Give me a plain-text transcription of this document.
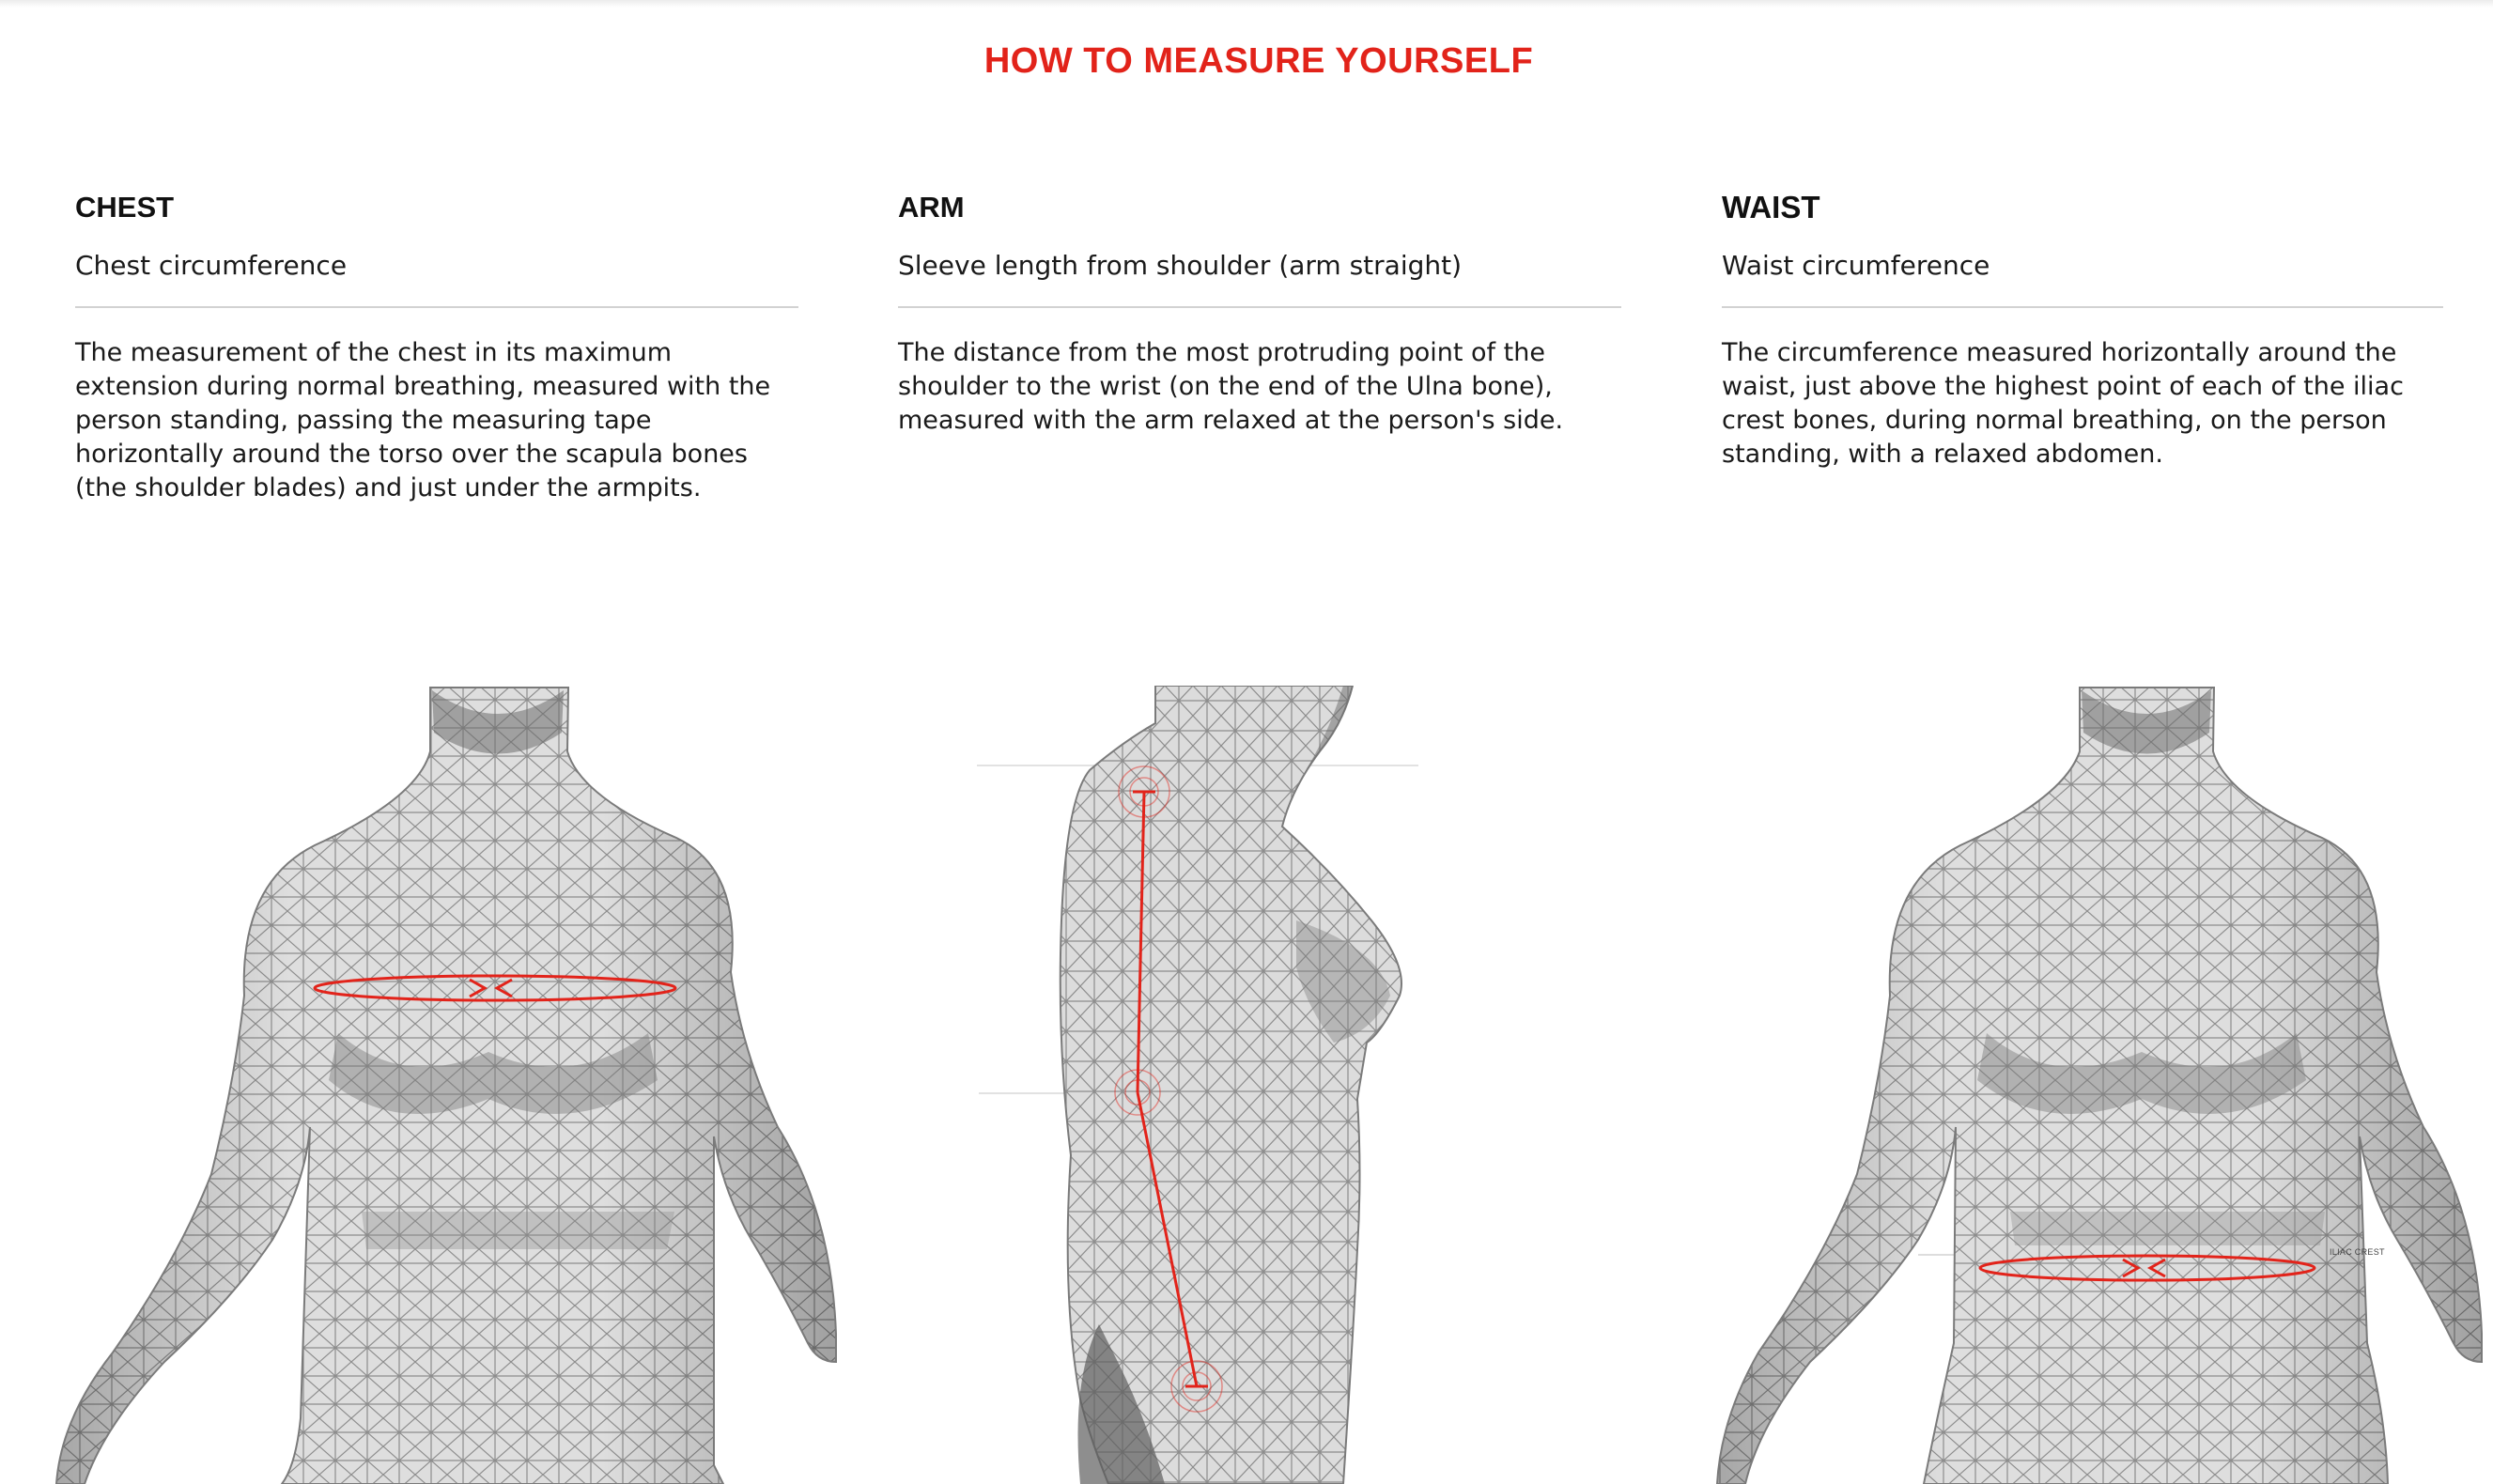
HOW TO MEASURE YOURSELF
CHEST

Chest circumference

The measurement of the chest in its maximum extension during normal breathing, measured with the person standing, passing the measuring tape horizontally around the torso over the scapula bones (the shoulder blades) and just under the armpits.

ARM

Sleeve length from shoulder (arm straight)

The distance from the most protruding point of the shoulder to the wrist (on the end of the Ulna bone), measured with the arm relaxed at the person's side.

WAIST

Waist circumference

The circumference measured horizontally around the waist, just above the highest point of each of the iliac crest bones, during normal breathing, on the person standing, with a relaxed abdomen.

ILIAC CREST
